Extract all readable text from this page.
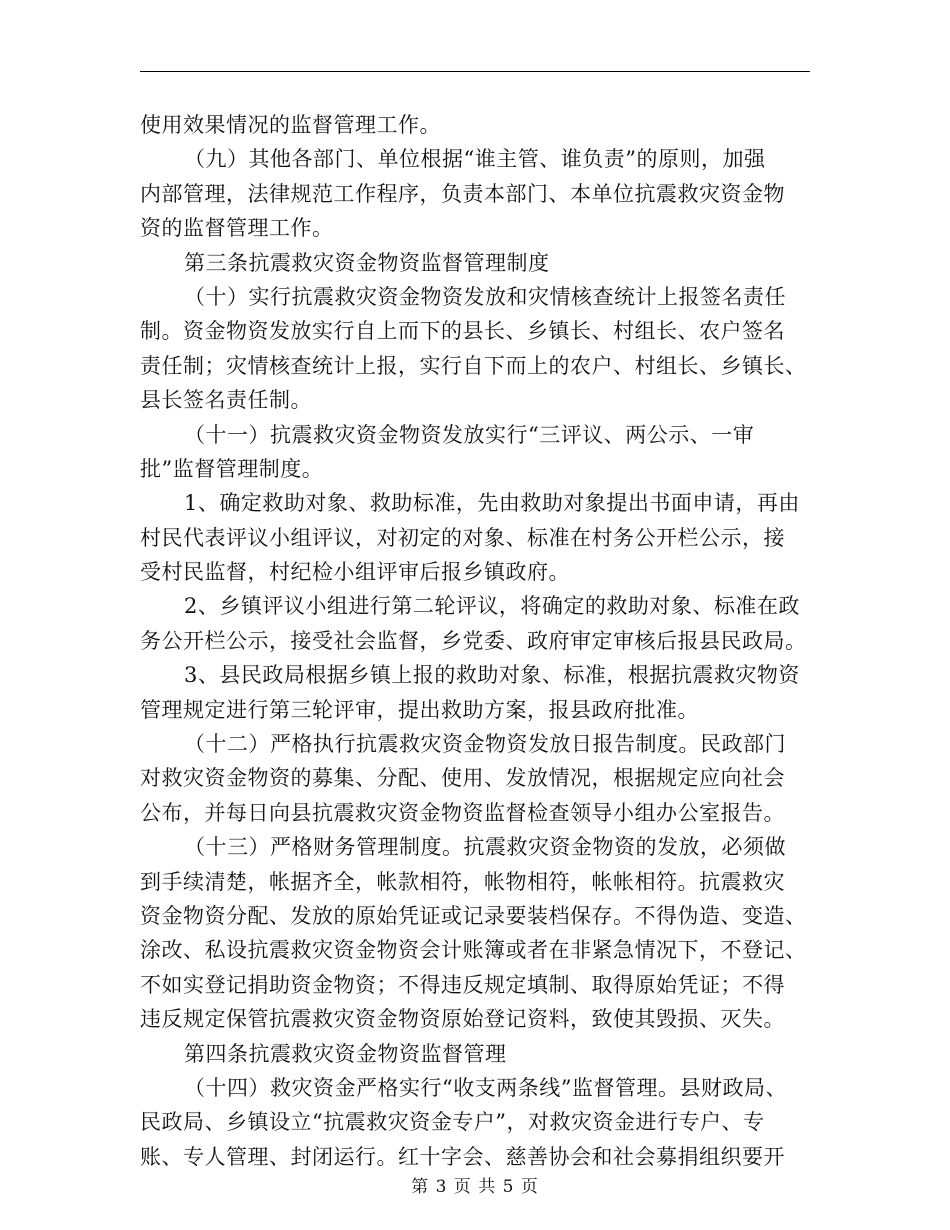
使用效果情况的监督管理工作。
（九）其他各部门、单位根据“谁主管、谁负责”的原则，加强
内部管理，法律规范工作程序，负责本部门、本单位抗震救灾资金物
资的监督管理工作。
第三条抗震救灾资金物资监督管理制度
（十）实行抗震救灾资金物资发放和灾情核查统计上报签名责任
制。资金物资发放实行自上而下的县长、乡镇长、村组长、农户签名
责任制；灾情核查统计上报，实行自下而上的农户、村组长、乡镇长、
县长签名责任制。
（十一）抗震救灾资金物资发放实行“三评议、两公示、一审
批”监督管理制度。
1、确定救助对象、救助标准，先由救助对象提出书面申请，再由
村民代表评议小组评议，对初定的对象、标准在村务公开栏公示，接
受村民监督，村纪检小组评审后报乡镇政府。
2、乡镇评议小组进行第二轮评议，将确定的救助对象、标准在政
务公开栏公示，接受社会监督，乡党委、政府审定审核后报县民政局。
3、县民政局根据乡镇上报的救助对象、标准，根据抗震救灾物资
管理规定进行第三轮评审，提出救助方案，报县政府批准。
（十二）严格执行抗震救灾资金物资发放日报告制度。民政部门
对救灾资金物资的募集、分配、使用、发放情况，根据规定应向社会
公布，并每日向县抗震救灾资金物资监督检查领导小组办公室报告。
（十三）严格财务管理制度。抗震救灾资金物资的发放，必须做
到手续清楚，帐据齐全，帐款相符，帐物相符，帐帐相符。抗震救灾
资金物资分配、发放的原始凭证或记录要装档保存。不得伪造、变造、
涂改、私设抗震救灾资金物资会计账簿或者在非紧急情况下，不登记、
不如实登记捐助资金物资；不得违反规定填制、取得原始凭证；不得
违反规定保管抗震救灾资金物资原始登记资料，致使其毁损、灭失。
第四条抗震救灾资金物资监督管理
（十四）救灾资金严格实行“收支两条线”监督管理。县财政局、
民政局、乡镇设立“抗震救灾资金专户”，对救灾资金进行专户、专
账、专人管理、封闭运行。红十字会、慈善协会和社会募捐组织要开
第 3 页 共 5 页
